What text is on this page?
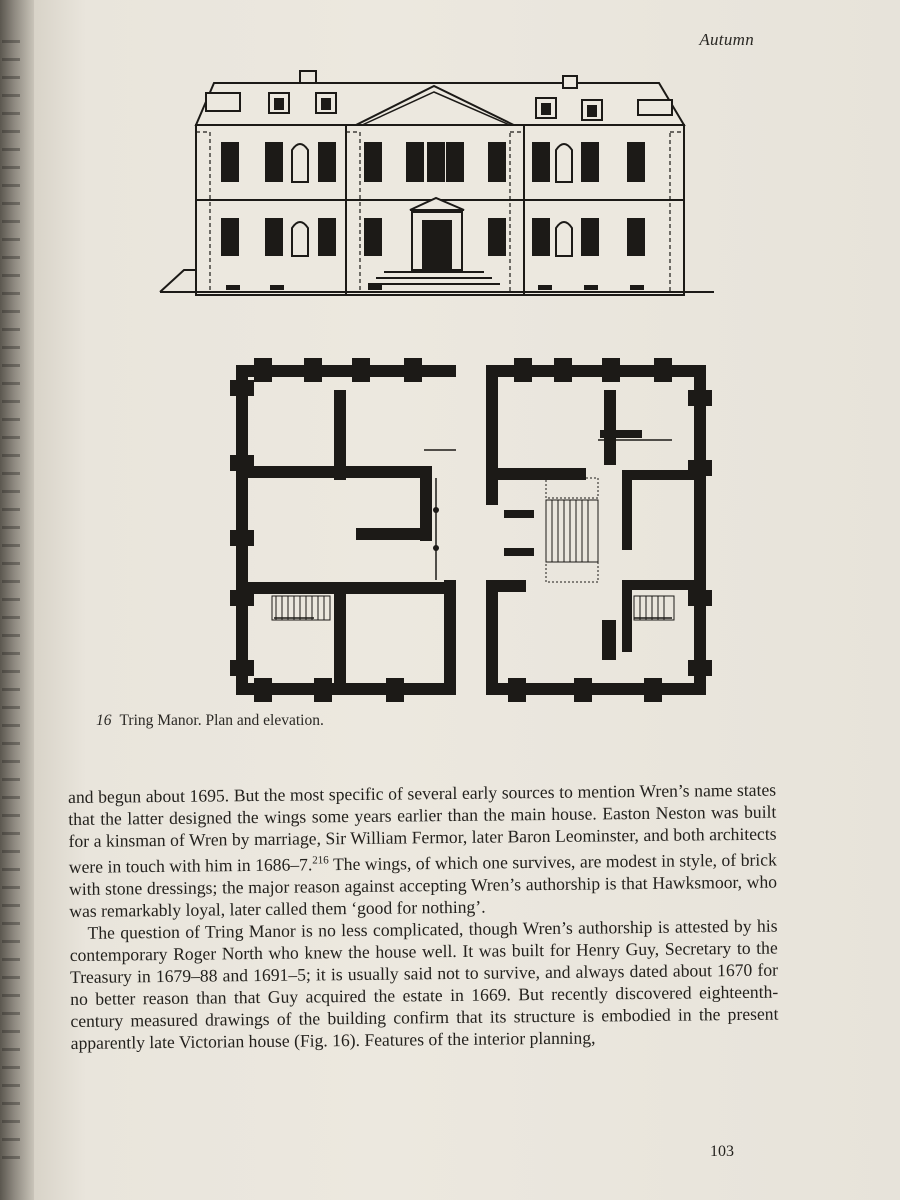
Autumn
16 Tring Manor. Plan and elevation.

and begun about 1695. But the most specific of several early sources to mention Wren’s name states that the latter designed the wings some years earlier than the main house. Easton Neston was built for a kinsman of Wren by marriage, Sir William Fermor, later Baron Leominster, and both architects were in touch with him in 1686–7.$^{216}$ The wings, of which one survives, are modest in style, of brick with stone dressings; the major reason against accepting Wren’s authorship is that Hawksmoor, who was remarkably loyal, later called them ‘good for nothing’.

The question of Tring Manor is no less complicated, though Wren’s authorship is attested by his contemporary Roger North who knew the house well. It was built for Henry Guy, Secretary to the Treasury in 1679–88 and 1691–5; it is usually said not to survive, and always dated about 1670 for no better reason than that Guy acquired the estate in 1669. But recently discovered eighteenth-century measured drawings of the building confirm that its structure is embodied in the present apparently late Victorian house (Fig. 16). Features of the interior planning,

103
